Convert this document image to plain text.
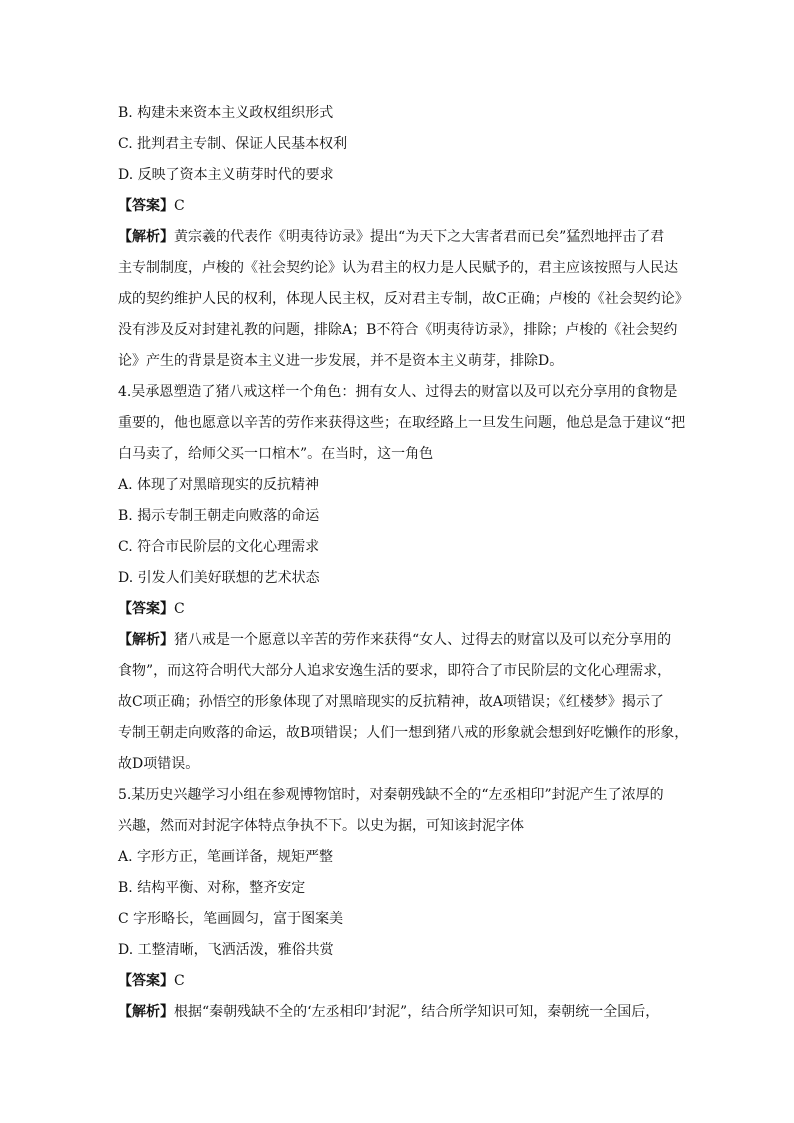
B. 构建未来资本主义政权组织形式
C. 批判君主专制、保证人民基本权利
D. 反映了资本主义萌芽时代的要求
【答案】C
【解析】黄宗羲的代表作《明夷待访录》提出“为天下之大害者君而已矣”猛烈地抨击了君
主专制制度，卢梭的《社会契约论》认为君主的权力是人民赋予的，君主应该按照与人民达
成的契约维护人民的权利，体现人民主权，反对君主专制，故C正确；卢梭的《社会契约论》
没有涉及反对封建礼教的问题，排除A；B不符合《明夷待访录》，排除；卢梭的《社会契约
论》产生的背景是资本主义进一步发展，并不是资本主义萌芽，排除D。
4.吴承恩塑造了猪八戒这样一个角色：拥有女人、过得去的财富以及可以充分享用的食物是
重要的，他也愿意以辛苦的劳作来获得这些；在取经路上一旦发生问题，他总是急于建议“把
白马卖了，给师父买一口棺木”。在当时，这一角色
A. 体现了对黑暗现实的反抗精神
B. 揭示专制王朝走向败落的命运
C. 符合市民阶层的文化心理需求
D. 引发人们美好联想的艺术状态
【答案】C
【解析】猪八戒是一个愿意以辛苦的劳作来获得“女人、过得去的财富以及可以充分享用的
食物”，而这符合明代大部分人追求安逸生活的要求，即符合了市民阶层的文化心理需求，
故C项正确；孙悟空的形象体现了对黑暗现实的反抗精神，故A项错误；《红楼梦》揭示了
专制王朝走向败落的命运，故B项错误；人们一想到猪八戒的形象就会想到好吃懒作的形象，
故D项错误。
5.某历史兴趣学习小组在参观博物馆时，对秦朝残缺不全的“左丞相印”封泥产生了浓厚的
兴趣，然而对封泥字体特点争执不下。以史为据，可知该封泥字体
A. 字形方正，笔画详备，规矩严整
B. 结构平衡、对称，整齐安定
C 字形略长，笔画圆匀，富于图案美
D. 工整清晰，飞洒活泼，雅俗共赏
【答案】C
【解析】根据“秦朝残缺不全的‘左丞相印’封泥”，结合所学知识可知，秦朝统一全国后，
